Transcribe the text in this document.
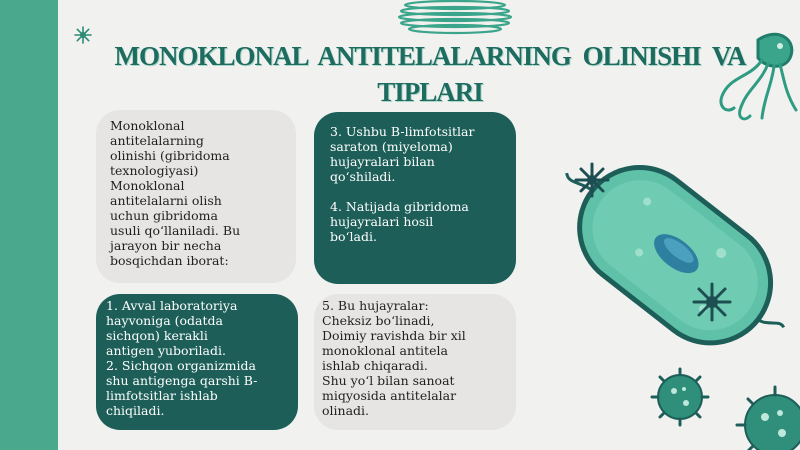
MONOKLONAL ANTITELALARNING OLINISHI VA TIPLARI
Monoklonal
antitelalarning
olinishi (gibridoma
texnologiyasi)
Monoklonal
antitelalarni olish
uchun gibridoma
usuli qo‘llaniladi. Bu
jarayon bir necha
bosqichdan iborat:
3. Ushbu B-limfotsitlar
saraton (miyeloma)
hujayralari bilan
qo‘shiladi.

4. Natijada gibridoma
hujayralari hosil
bo‘ladi.
1. Avval laboratoriya
hayvoniga (odatda
sichqon) kerakli
antigen yuboriladi.
2. Sichqon organizmida
shu antigenga qarshi B-
limfotsitlar ishlab
chiqiladi.
5. Bu hujayralar:
Cheksiz bo‘linadi,
Doimiy ravishda bir xil
monoklonal antitela
ishlab chiqaradi.
Shu yo‘l bilan sanoat
miqyosida antitelalar
olinadi.
